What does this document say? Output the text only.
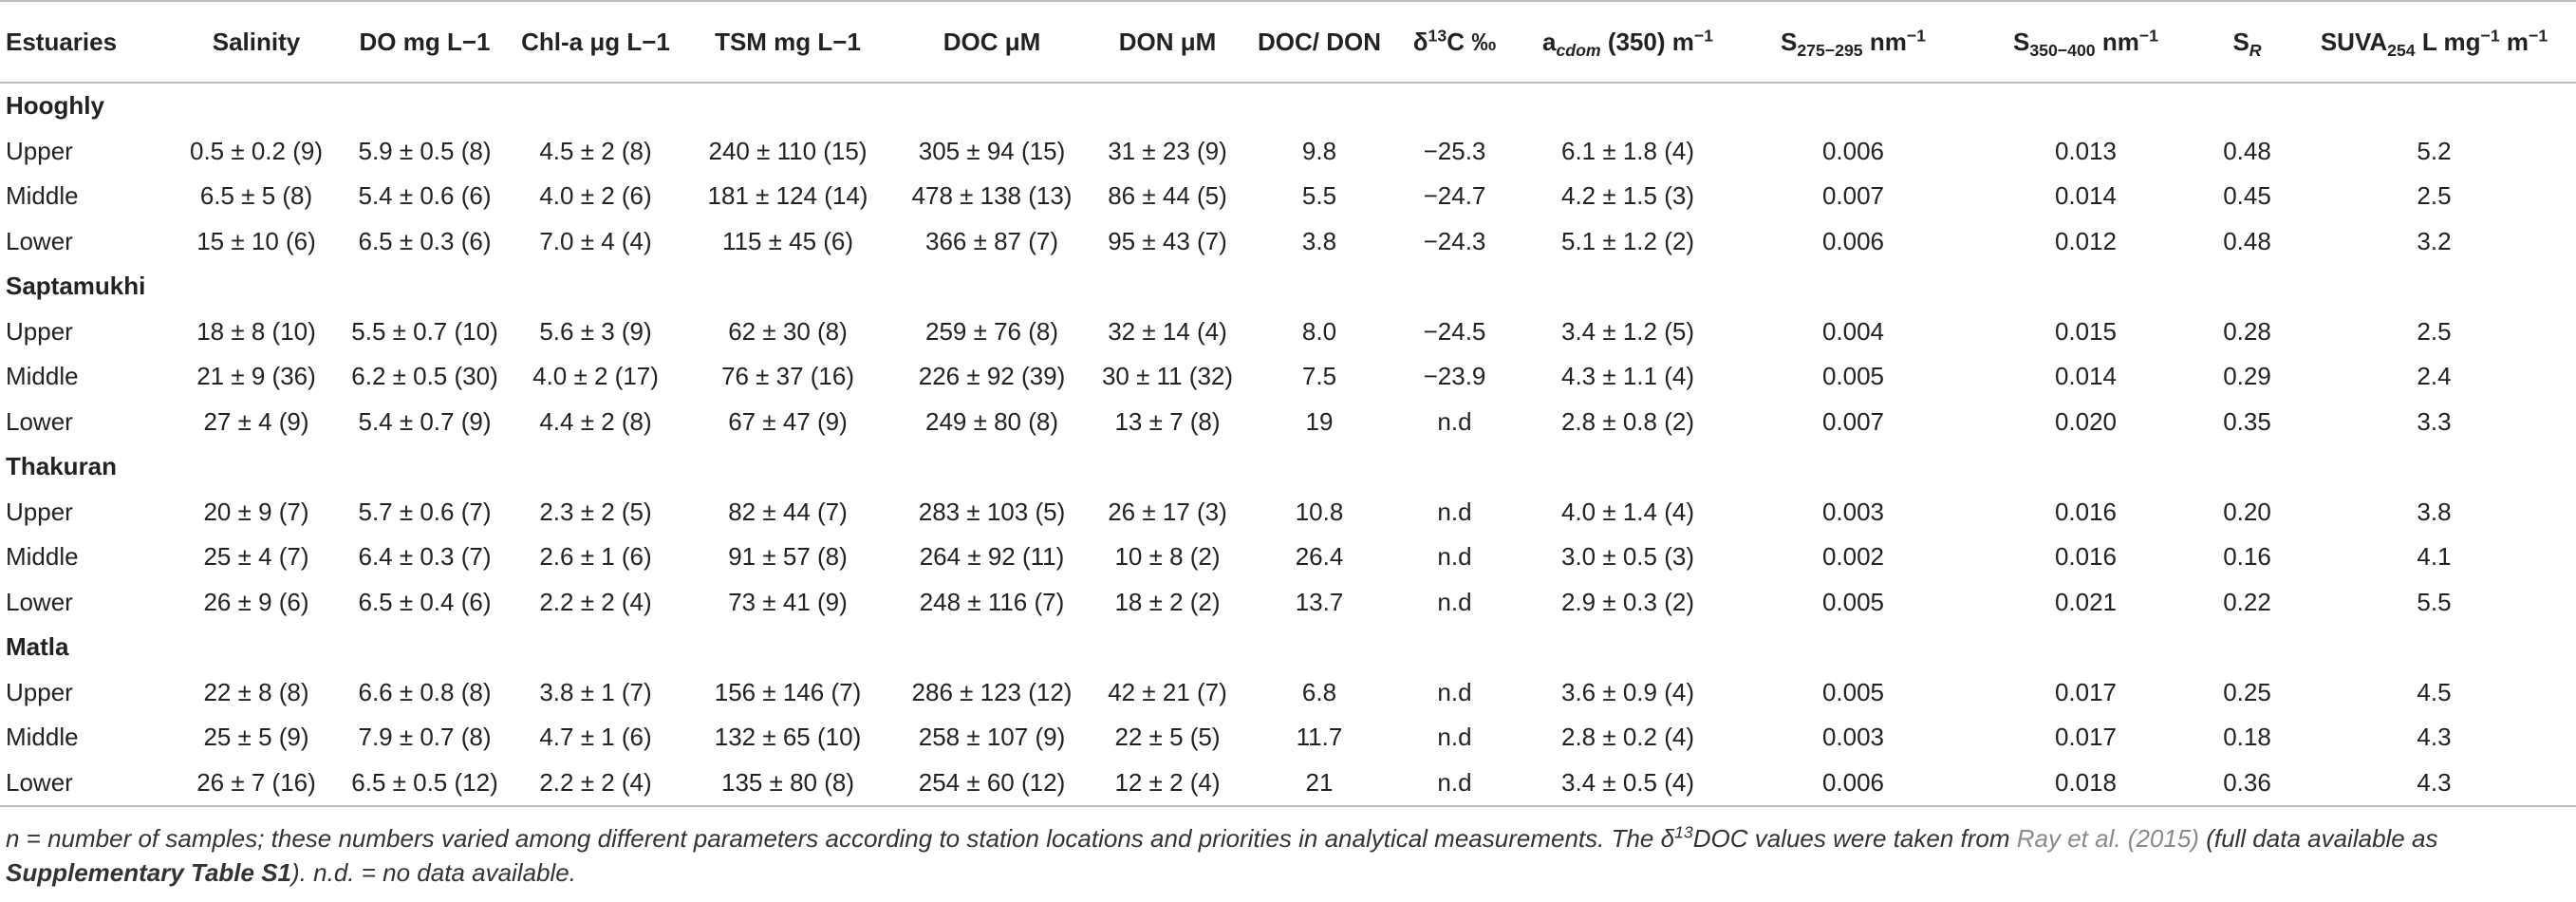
Estuaries	Salinity	DO mg L−1	Chl-a μg L−1	TSM mg L−1	DOC μM	DON μM	DOC/ DON	$\delta^{13}C$ ‰	$a_{cdom}$ (350) $m^{-1}$	$S_{275-295}$ $nm^{-1}$	$S_{350-400}$ $nm^{-1}$	$S_R$	$SUVA_{254}$ L $mg^{-1}$ $m^{-1}$
Hooghly													
Upper	0.5 ± 0.2 (9)	5.9 ± 0.5 (8)	4.5 ± 2 (8)	240 ± 110 (15)	305 ± 94 (15)	31 ± 23 (9)	9.8	−25.3	6.1 ± 1.8 (4)	0.006	0.013	0.48	5.2
Middle	6.5 ± 5 (8)	5.4 ± 0.6 (6)	4.0 ± 2 (6)	181 ± 124 (14)	478 ± 138 (13)	86 ± 44 (5)	5.5	−24.7	4.2 ± 1.5 (3)	0.007	0.014	0.45	2.5
Lower	15 ± 10 (6)	6.5 ± 0.3 (6)	7.0 ± 4 (4)	115 ± 45 (6)	366 ± 87 (7)	95 ± 43 (7)	3.8	−24.3	5.1 ± 1.2 (2)	0.006	0.012	0.48	3.2
Saptamukhi													
Upper	18 ± 8 (10)	5.5 ± 0.7 (10)	5.6 ± 3 (9)	62 ± 30 (8)	259 ± 76 (8)	32 ± 14 (4)	8.0	−24.5	3.4 ± 1.2 (5)	0.004	0.015	0.28	2.5
Middle	21 ± 9 (36)	6.2 ± 0.5 (30)	4.0 ± 2 (17)	76 ± 37 (16)	226 ± 92 (39)	30 ± 11 (32)	7.5	−23.9	4.3 ± 1.1 (4)	0.005	0.014	0.29	2.4
Lower	27 ± 4 (9)	5.4 ± 0.7 (9)	4.4 ± 2 (8)	67 ± 47 (9)	249 ± 80 (8)	13 ± 7 (8)	19	n.d	2.8 ± 0.8 (2)	0.007	0.020	0.35	3.3
Thakuran													
Upper	20 ± 9 (7)	5.7 ± 0.6 (7)	2.3 ± 2 (5)	82 ± 44 (7)	283 ± 103 (5)	26 ± 17 (3)	10.8	n.d	4.0 ± 1.4 (4)	0.003	0.016	0.20	3.8
Middle	25 ± 4 (7)	6.4 ± 0.3 (7)	2.6 ± 1 (6)	91 ± 57 (8)	264 ± 92 (11)	10 ± 8 (2)	26.4	n.d	3.0 ± 0.5 (3)	0.002	0.016	0.16	4.1
Lower	26 ± 9 (6)	6.5 ± 0.4 (6)	2.2 ± 2 (4)	73 ± 41 (9)	248 ± 116 (7)	18 ± 2 (2)	13.7	n.d	2.9 ± 0.3 (2)	0.005	0.021	0.22	5.5
Matla													
Upper	22 ± 8 (8)	6.6 ± 0.8 (8)	3.8 ± 1 (7)	156 ± 146 (7)	286 ± 123 (12)	42 ± 21 (7)	6.8	n.d	3.6 ± 0.9 (4)	0.005	0.017	0.25	4.5
Middle	25 ± 5 (9)	7.9 ± 0.7 (8)	4.7 ± 1 (6)	132 ± 65 (10)	258 ± 107 (9)	22 ± 5 (5)	11.7	n.d	2.8 ± 0.2 (4)	0.003	0.017	0.18	4.3
Lower	26 ± 7 (16)	6.5 ± 0.5 (12)	2.2 ± 2 (4)	135 ± 80 (8)	254 ± 60 (12)	12 ± 2 (4)	21	n.d	3.4 ± 0.5 (4)	0.006	0.018	0.36	4.3
n = number of samples; these numbers varied among different parameters according to station locations and priorities in analytical measurements. The $\delta^{13}DOC$ values were taken from Ray et al. (2015) (full data available as Supplementary Table S1). n.d. = no data available.
